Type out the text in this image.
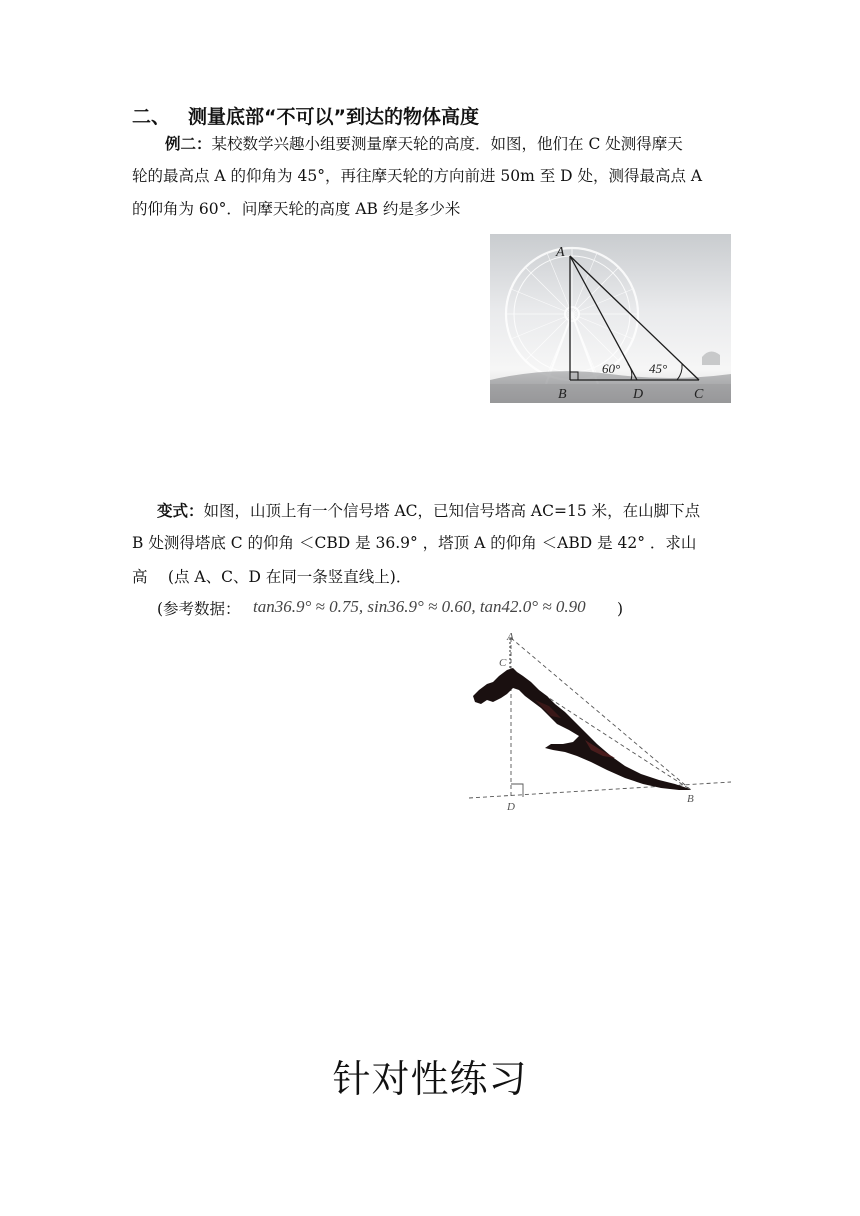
二、 测量底部“不可以”到达的物体高度
例二：某校数学兴趣小组要测量摩天轮的高度．如图，他们在 C 处测得摩天
轮的最高点 A 的仰角为 45°，再往摩天轮的方向前进 50m 至 D 处，测得最高点 A
的仰角为 60°．问摩天轮的高度 AB 约是多少米
A
B	D	C
60° 45°
变式：如图，山顶上有一个信号塔 AC，已知信号塔高 AC=15 米，在山脚下点
B 处测得塔底 C 的仰角 ＜CBD 是 36.9° ，塔顶 A 的仰角 ＜ABD 是 42° ．求山
高 　(点 A、C、D 在同一条竖直线上)．
(参考数据： tan36.9° ≈ 0.75, sin36.9° ≈ 0.60, tan42.0° ≈ 0.90 )
A
C
D
B
针对性练习
